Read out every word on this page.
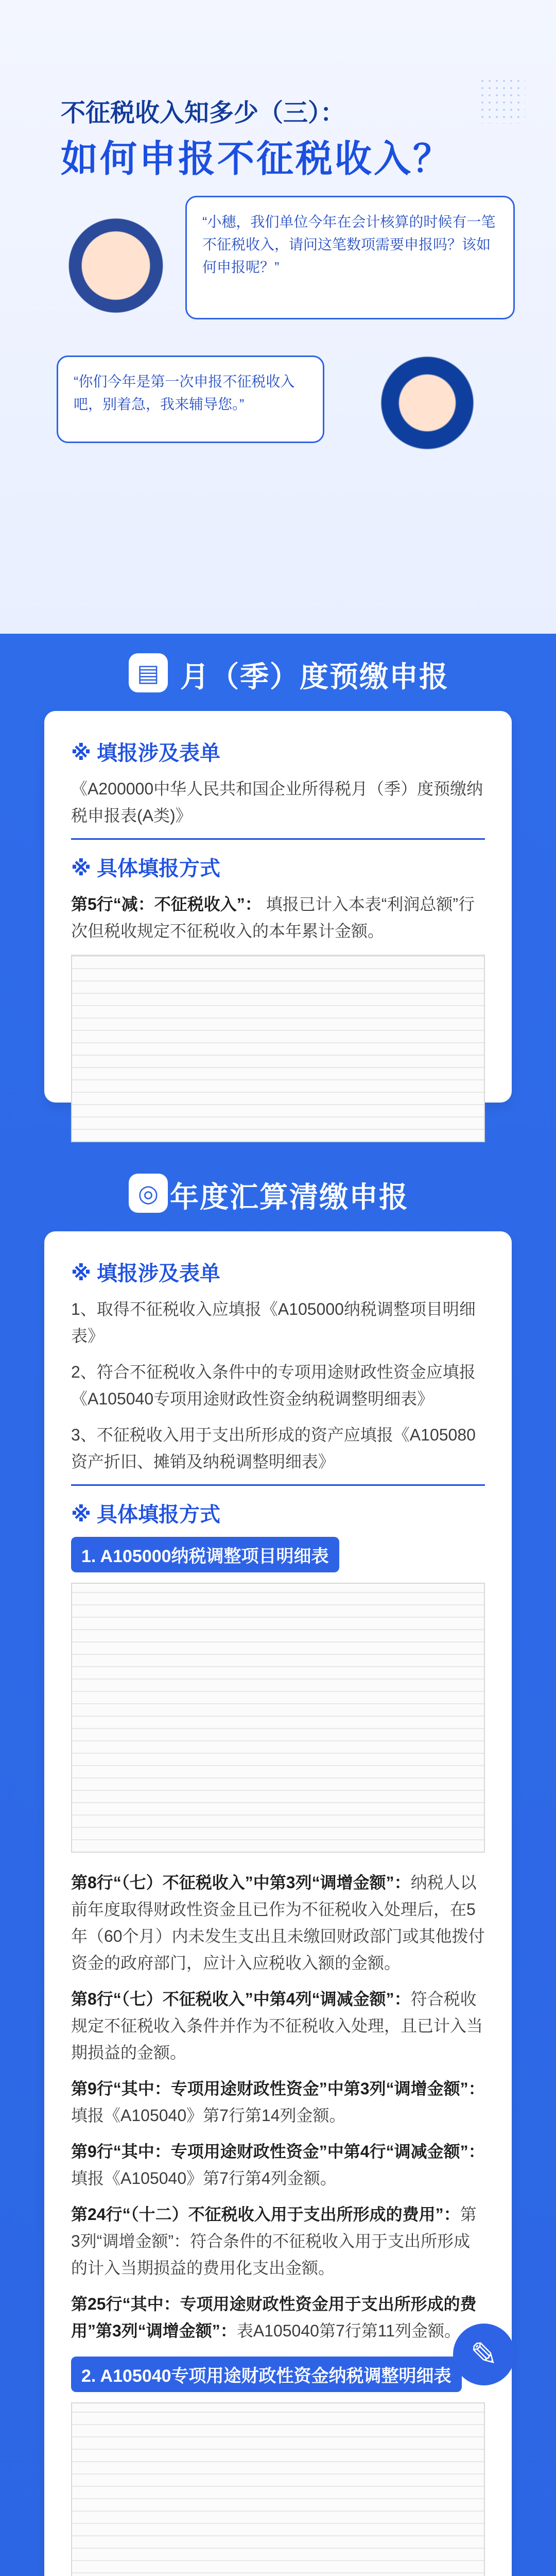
不征税收入知多少（三）：
如何申报不征税收入？
“小穗，我们单位今年在会计核算的时候有一笔不征税收入，请问这笔数项需要申报吗？该如何申报呢？”
“你们今年是第一次申报不征税收入吧，别着急，我来辅导您。”
▤ 月（季）度预缴申报
※ 填报涉及表单

《A200000中华人民共和国企业所得税月（季）度预缴纳税申报表(A类)》

※ 具体填报方式

第5行“减：不征税收入”： 填报已计入本表“利润总额”行次但税收规定不征税收入的本年累计金额。

◎ 年度汇算清缴申报
※ 填报涉及表单

1、取得不征税收入应填报《A105000纳税调整项目明细表》

2、符合不征税收入条件中的专项用途财政性资金应填报《A105040专项用途财政性资金纳税调整明细表》

3、不征税收入用于支出所形成的资产应填报《A105080资产折旧、摊销及纳税调整明细表》

※ 具体填报方式
1. A105000纳税调整项目明细表

第8行“（七）不征税收入”中第3列“调增金额”：纳税人以前年度取得财政性资金且已作为不征税收入处理后，在5年（60个月）内未发生支出且未缴回财政部门或其他拨付资金的政府部门，应计入应税收入额的金额。

第8行“（七）不征税收入”中第4列“调减金额”：符合税收规定不征税收入条件并作为不征税收入处理，且已计入当期损益的金额。

第9行“其中：专项用途财政性资金”中第3列“调增金额”：填报《A105040》第7行第14列金额。

第9行“其中：专项用途财政性资金”中第4行“调减金额”：填报《A105040》第7行第4列金额。

第24行“（十二）不征税收入用于支出所形成的费用”：第3列“调增金额”：符合条件的不征税收入用于支出所形成的计入当期损益的费用化支出金额。

第25行“其中：专项用途财政性资金用于支出所形成的费用”第3列“调增金额”：表A105040第7行第11列金额。

2. A105040专项用途财政性资金纳税调整明细表

✎
